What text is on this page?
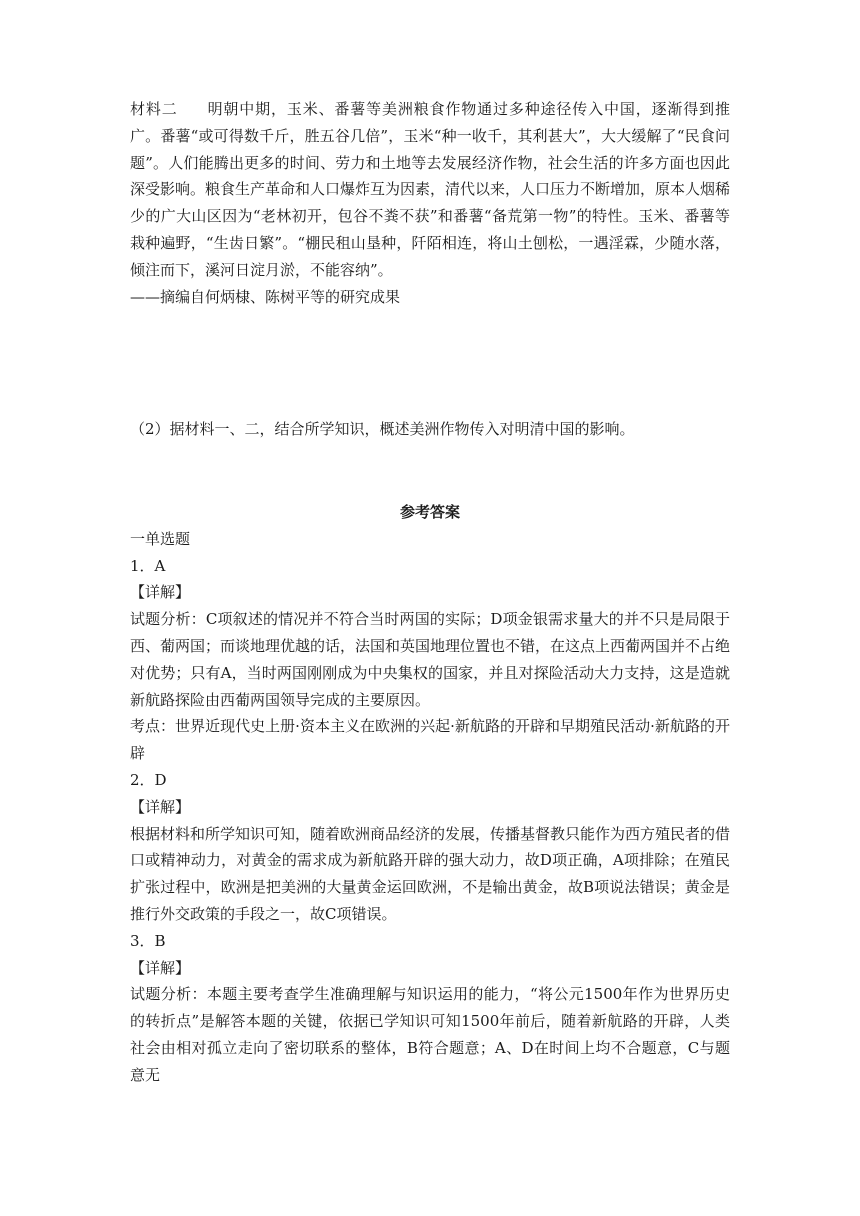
材料二 明朝中期，玉米、番薯等美洲粮食作物通过多种途径传入中国，逐渐得到推广。番薯“或可得数千斤，胜五谷几倍”，玉米“种一收千，其利甚大”，大大缓解了“民食问题”。人们能腾出更多的时间、劳力和土地等去发展经济作物，社会生活的许多方面也因此深受影响。粮食生产革命和人口爆炸互为因素，清代以来，人口压力不断增加，原本人烟稀少的广大山区因为“老林初开，包谷不粪不获”和番薯“备荒第一物”的特性。玉米、番薯等栽种遍野，“生齿日繁”。“棚民租山垦种，阡陌相连，将山土刨松，一遇淫霖，少随水落，倾注而下，溪河日淀月淤，不能容纳”。

——摘编自何炳棣、陈树平等的研究成果

（2）据材料一、二，结合所学知识，概述美洲作物传入对明清中国的影响。

参考答案

一单选题

1．A

【详解】

试题分析：C项叙述的情况并不符合当时两国的实际；D项金银需求量大的并不只是局限于西、葡两国；而谈地理优越的话，法国和英国地理位置也不错，在这点上西葡两国并不占绝对优势；只有A，当时两国刚刚成为中央集权的国家，并且对探险活动大力支持，这是造就新航路探险由西葡两国领导完成的主要原因。

考点：世界近现代史上册·资本主义在欧洲的兴起·新航路的开辟和早期殖民活动·新航路的开辟

2．D

【详解】

根据材料和所学知识可知，随着欧洲商品经济的发展，传播基督教只能作为西方殖民者的借口或精神动力，对黄金的需求成为新航路开辟的强大动力，故D项正确，A项排除；在殖民扩张过程中，欧洲是把美洲的大量黄金运回欧洲，不是输出黄金，故B项说法错误；黄金是推行外交政策的手段之一，故C项错误。

3．B

【详解】

试题分析：本题主要考查学生准确理解与知识运用的能力，“将公元1500年作为世界历史的转折点”是解答本题的关键，依据已学知识可知1500年前后，随着新航路的开辟，人类社会由相对孤立走向了密切联系的整体，B符合题意；A、D在时间上均不合题意，C与题意无
